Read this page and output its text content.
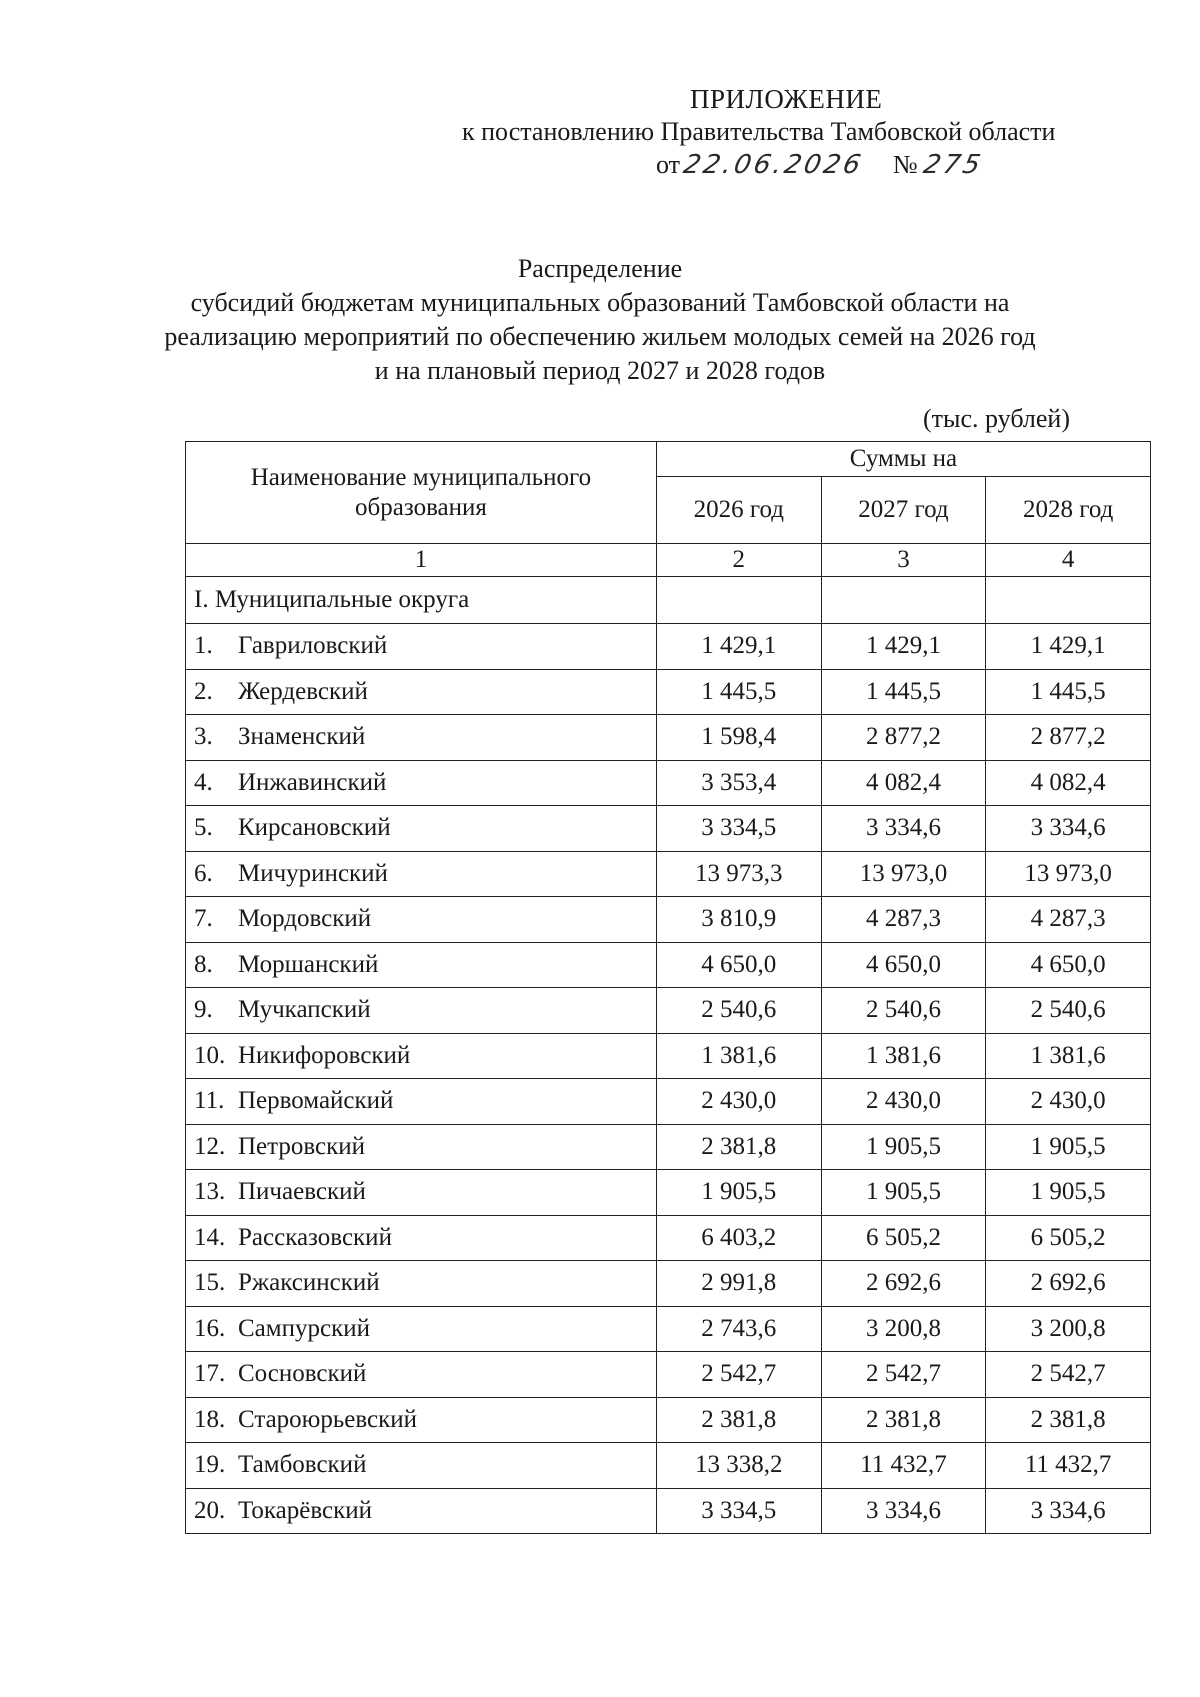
ПРИЛОЖЕНИЕ
к постановлению Правительства Тамбовской области
от22.06.2026 № 275
Распределение
субсидий бюджетам муниципальных образований Тамбовской области на
реализацию мероприятий по обеспечению жильем молодых семей на 2026 год
и на плановый период 2027 и 2028 годов
(тыс. рублей)
Наименование муниципального образования	Суммы на		
	2026 год	2027 год	2028 год
1	2	3	4
I. Муниципальные округа			
1. Гавриловский	1 429,1	1 429,1	1 429,1
2. Жердевский	1 445,5	1 445,5	1 445,5
3. Знаменский	1 598,4	2 877,2	2 877,2
4. Инжавинский	3 353,4	4 082,4	4 082,4
5. Кирсановский	3 334,5	3 334,6	3 334,6
6. Мичуринский	13 973,3	13 973,0	13 973,0
7. Мордовский	3 810,9	4 287,3	4 287,3
8. Моршанский	4 650,0	4 650,0	4 650,0
9. Мучкапский	2 540,6	2 540,6	2 540,6
10. Никифоровский	1 381,6	1 381,6	1 381,6
11. Первомайский	2 430,0	2 430,0	2 430,0
12. Петровский	2 381,8	1 905,5	1 905,5
13. Пичаевский	1 905,5	1 905,5	1 905,5
14. Рассказовский	6 403,2	6 505,2	6 505,2
15. Ржаксинский	2 991,8	2 692,6	2 692,6
16. Сампурский	2 743,6	3 200,8	3 200,8
17. Сосновский	2 542,7	2 542,7	2 542,7
18. Староюрьевский	2 381,8	2 381,8	2 381,8
19. Тамбовский	13 338,2	11 432,7	11 432,7
20. Токарёвский	3 334,5	3 334,6	3 334,6
